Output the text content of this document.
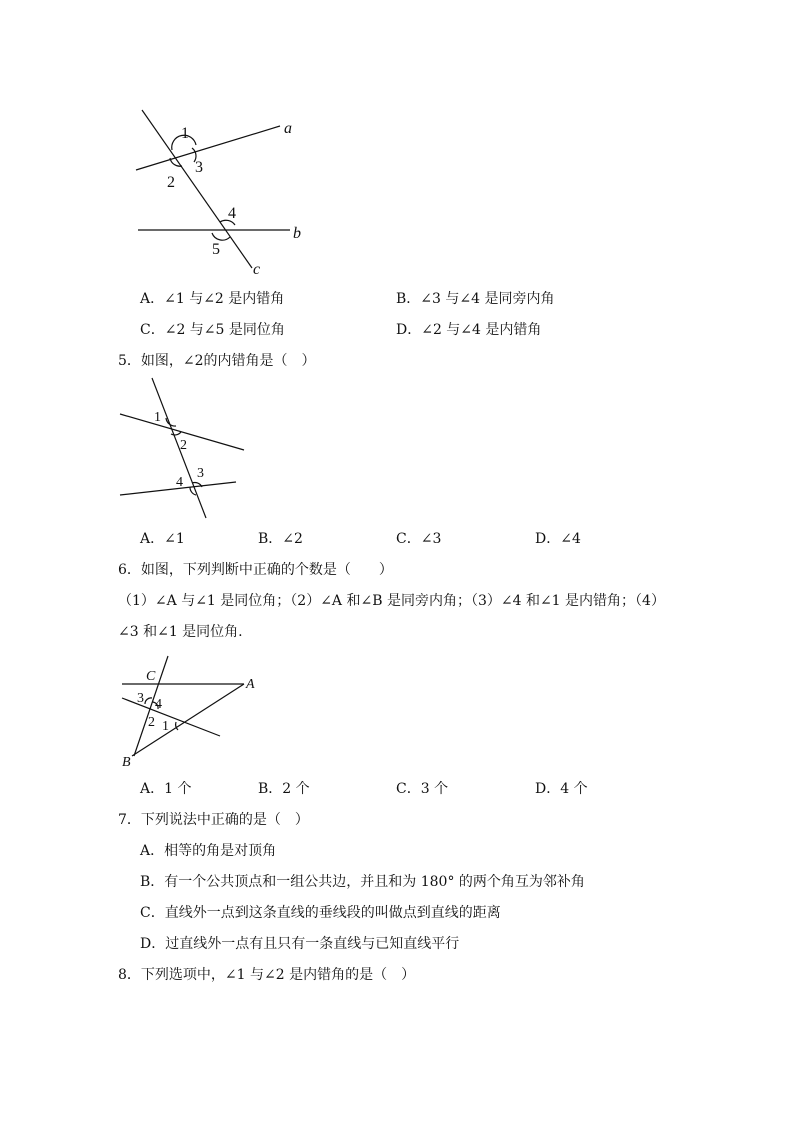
1
2
3
4
5
a
b
c
A．∠1 与∠2 是内错角	B．∠3 与∠4 是同旁内角
C．∠2 与∠5 是同位角	D．∠2 与∠4 是内错角
5．如图，∠2的内错角是（　）
1
2
3
4
A．∠1	B．∠2	C．∠3	D．∠4
6．如图，下列判断中正确的个数是（　　）
（1）∠A 与∠1 是同位角；（2）∠A 和∠B 是同旁内角；（3）∠4 和∠1 是内错角；（4）
∠3 和∠1 是同位角.
C
A
B
3 4
2 1
A．1 个	B．2 个	C．3 个	D．4 个
7．下列说法中正确的是（　）
A．相等的角是对顶角
B．有一个公共顶点和一组公共边，并且和为 180° 的两个角互为邻补角
C．直线外一点到这条直线的垂线段的叫做点到直线的距离
D．过直线外一点有且只有一条直线与已知直线平行
8．下列选项中，∠1 与∠2 是内错角的是（　）
